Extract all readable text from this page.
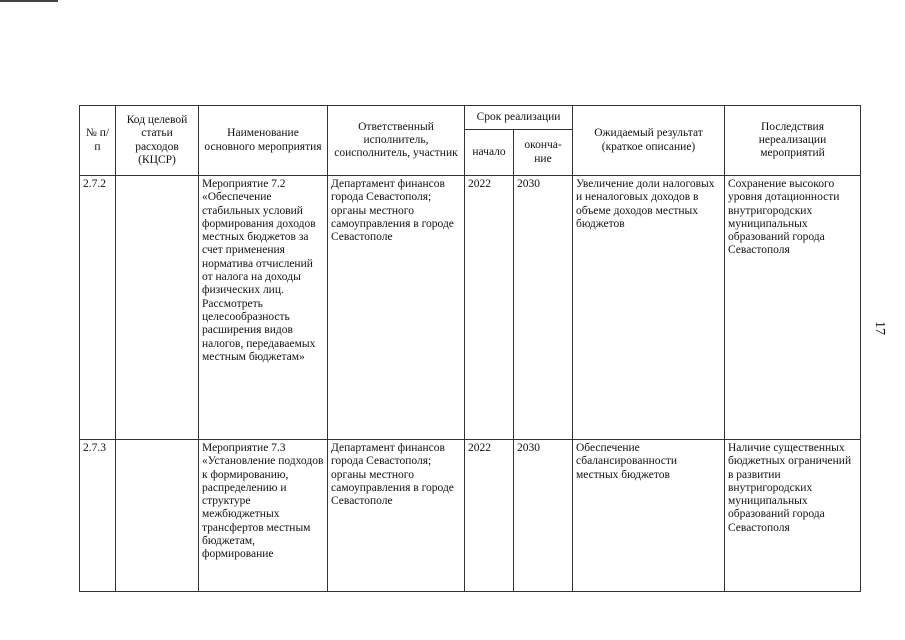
№ п/п	Код целевой статьи расходов (КЦСР)	Наименование основного мероприятия	Ответственный исполнитель, соисполнитель, участник	Срок реализации		Ожидаемый результат (краткое описание)	Последствия нереализации мероприятий
				начало	оконча-ние		
2.7.2		Мероприятие 7.2 «Обеспечение стабильных условий формирования доходов местных бюджетов за счет применения норматива отчислений от налога на доходы физических лиц. Рассмотреть целесообразность расширения видов налогов, передаваемых местным бюджетам»	Департамент финансов города Севастополя; органы местного самоуправления в городе Севастополе	2022	2030	Увеличение доли налоговых и неналоговых доходов в объеме доходов местных бюджетов	Сохранение высокого уровня дотационности внутригородских муниципальных образований города Севастополя
2.7.3		Мероприятие 7.3 «Установление подходов к формированию, распределению и структуре межбюджетных трансфертов местным бюджетам, формирование	Департамент финансов города Севастополя; органы местного самоуправления в городе Севастополе	2022	2030	Обеспечение сбалансированности местных бюджетов	Наличие существенных бюджетных ограничений в развитии внутригородских муниципальных образований города Севастополя
17
